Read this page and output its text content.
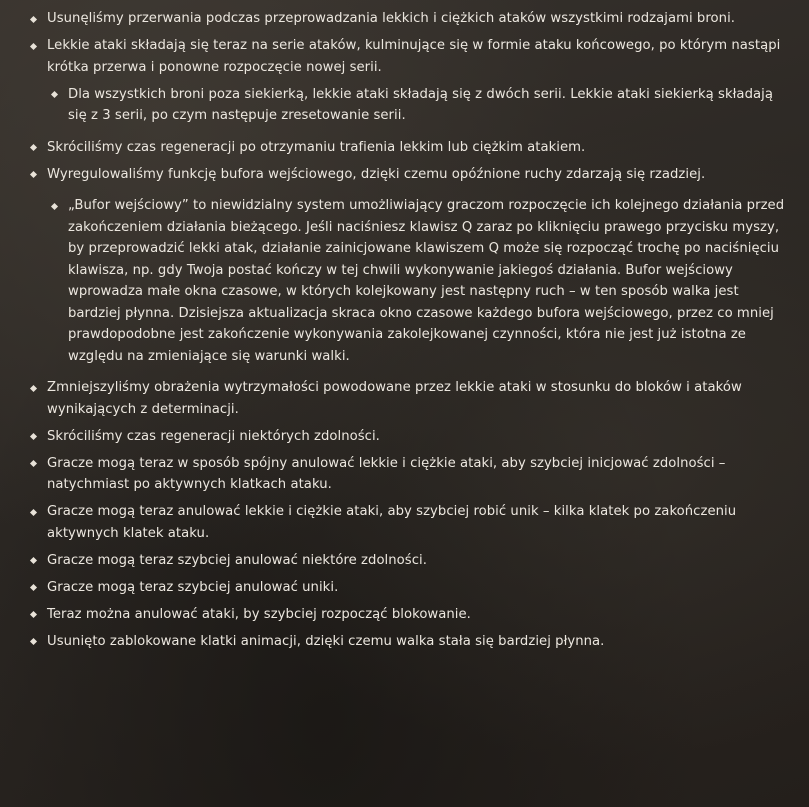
Usunęliśmy przerwania podczas przeprowadzania lekkich i ciężkich ataków wszystkimi rodzajami broni.
Lekkie ataki składają się teraz na serie ataków, kulminujące się w formie ataku końcowego, po którym nastąpi krótka przerwa i ponowne rozpoczęcie nowej serii.
Dla wszystkich broni poza siekierką, lekkie ataki składają się z dwóch serii. Lekkie ataki siekierką składają się z 3 serii, po czym następuje zresetowanie serii.
Skróciliśmy czas regeneracji po otrzymaniu trafienia lekkim lub ciężkim atakiem.
Wyregulowaliśmy funkcję bufora wejściowego, dzięki czemu opóźnione ruchy zdarzają się rzadziej.
„Bufor wejściowy” to niewidzialny system umożliwiający graczom rozpoczęcie ich kolejnego działania przed zakończeniem działania bieżącego. Jeśli naciśniesz klawisz Q zaraz po kliknięciu prawego przycisku myszy, by przeprowadzić lekki atak, działanie zainicjowane klawiszem Q może się rozpocząć trochę po naciśnięciu klawisza, np. gdy Twoja postać kończy w tej chwili wykonywanie jakiegoś działania. Bufor wejściowy wprowadza małe okna czasowe, w których kolejkowany jest następny ruch – w ten sposób walka jest bardziej płynna. Dzisiejsza aktualizacja skraca okno czasowe każdego bufora wejściowego, przez co mniej prawdopodobne jest zakończenie wykonywania zakolejkowanej czynności, która nie jest już istotna ze względu na zmieniające się warunki walki.
Zmniejszyliśmy obrażenia wytrzymałości powodowane przez lekkie ataki w stosunku do bloków i ataków wynikających z determinacji.
Skróciliśmy czas regeneracji niektórych zdolności.
Gracze mogą teraz w sposób spójny anulować lekkie i ciężkie ataki, aby szybciej inicjować zdolności – natychmiast po aktywnych klatkach ataku.
Gracze mogą teraz anulować lekkie i ciężkie ataki, aby szybciej robić unik – kilka klatek po zakończeniu aktywnych klatek ataku.
Gracze mogą teraz szybciej anulować niektóre zdolności.
Gracze mogą teraz szybciej anulować uniki.
Teraz można anulować ataki, by szybciej rozpocząć blokowanie.
Usunięto zablokowane klatki animacji, dzięki czemu walka stała się bardziej płynna.
